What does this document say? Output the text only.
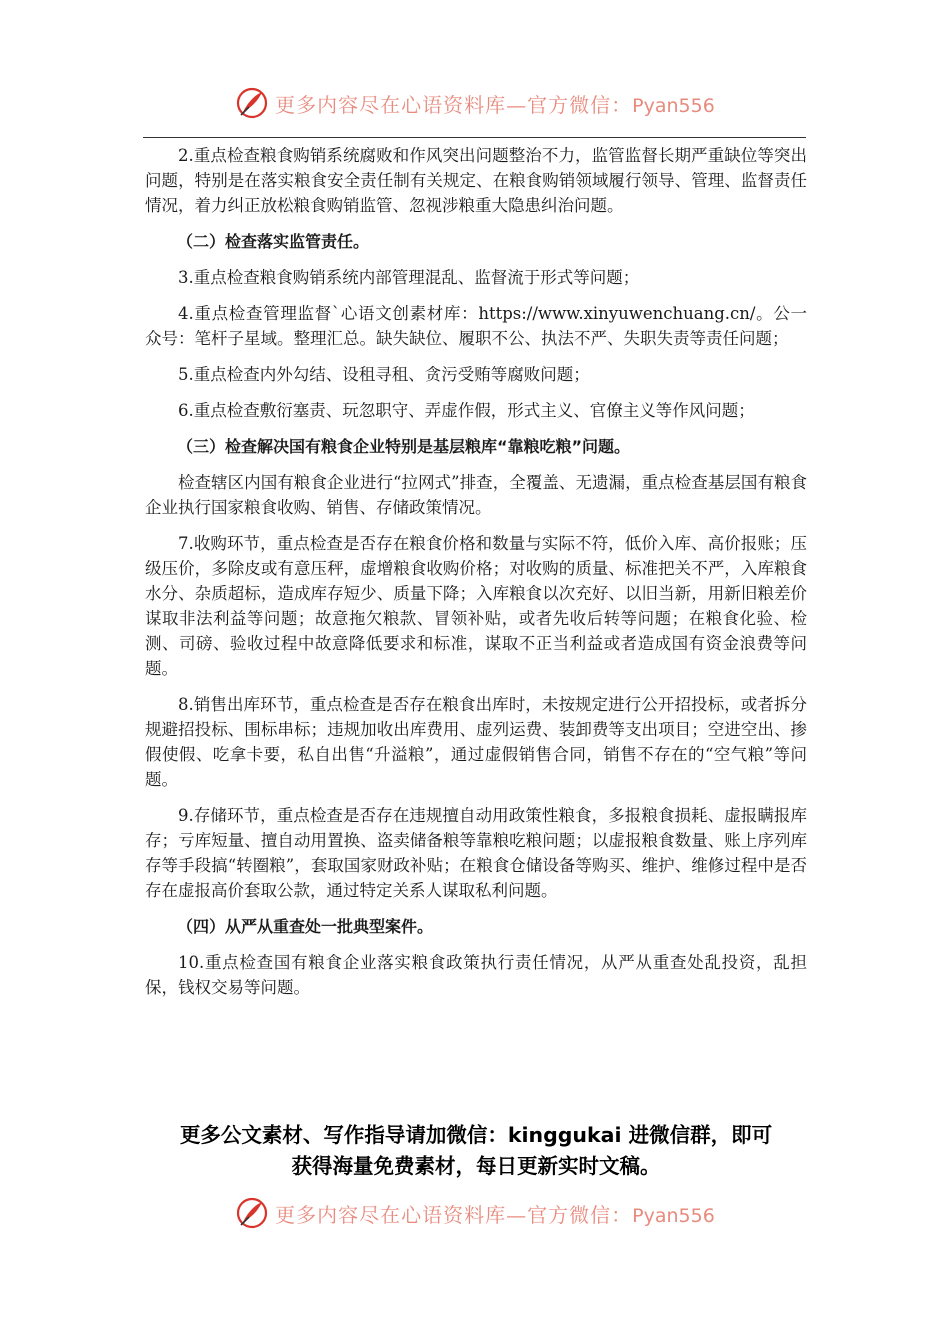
更多内容尽在心语资料库—官方微信：Pyan556

2.重点检查粮食购销系统腐败和作风突出问题整治不力，监管监督长期严重缺位等突出问题，特别是在落实粮食安全责任制有关规定、在粮食购销领域履行领导、管理、监督责任情况，着力纠正放松粮食购销监管、忽视涉粮重大隐患纠治问题。

（二）检查落实监管责任。

3.重点检查粮食购销系统内部管理混乱、监督流于形式等问题；

4.重点检查管理监督`心语文创素材库：https://www.xinyuwenchuang.cn/。公一众号：笔杆子星域。整理汇总。缺失缺位、履职不公、执法不严、失职失责等责任问题；

5.重点检查内外勾结、设租寻租、贪污受贿等腐败问题；

6.重点检查敷衍塞责、玩忽职守、弄虚作假，形式主义、官僚主义等作风问题；

（三）检查解决国有粮食企业特别是基层粮库“靠粮吃粮”问题。

检查辖区内国有粮食企业进行“拉网式”排查，全覆盖、无遗漏，重点检查基层国有粮食企业执行国家粮食收购、销售、存储政策情况。

7.收购环节，重点检查是否存在粮食价格和数量与实际不符，低价入库、高价报账；压级压价，多除皮或有意压秤，虚增粮食收购价格；对收购的质量、标准把关不严，入库粮食水分、杂质超标，造成库存短少、质量下降；入库粮食以次充好、以旧当新，用新旧粮差价谋取非法利益等问题；故意拖欠粮款、冒领补贴，或者先收后转等问题；在粮食化验、检测、司磅、验收过程中故意降低要求和标准，谋取不正当利益或者造成国有资金浪费等问题。

8.销售出库环节，重点检查是否存在粮食出库时，未按规定进行公开招投标，或者拆分规避招投标、围标串标；违规加收出库费用、虚列运费、装卸费等支出项目；空进空出、掺假使假、吃拿卡要，私自出售“升溢粮”，通过虚假销售合同，销售不存在的“空气粮”等问题。

9.存储环节，重点检查是否存在违规擅自动用政策性粮食，多报粮食损耗、虚报瞒报库存；亏库短量、擅自动用置换、盗卖储备粮等靠粮吃粮问题；以虚报粮食数量、账上序列库存等手段搞“转圈粮”，套取国家财政补贴；在粮食仓储设备等购买、维护、维修过程中是否存在虚报高价套取公款，通过特定关系人谋取私利问题。

（四）从严从重查处一批典型案件。

10.重点检查国有粮食企业落实粮食政策执行责任情况，从严从重查处乱投资，乱担保，钱权交易等问题。

更多公文素材、写作指导请加微信：kinggukai 进微信群，即可
获得海量免费素材，每日更新实时文稿。
更多内容尽在心语资料库—官方微信：Pyan556
